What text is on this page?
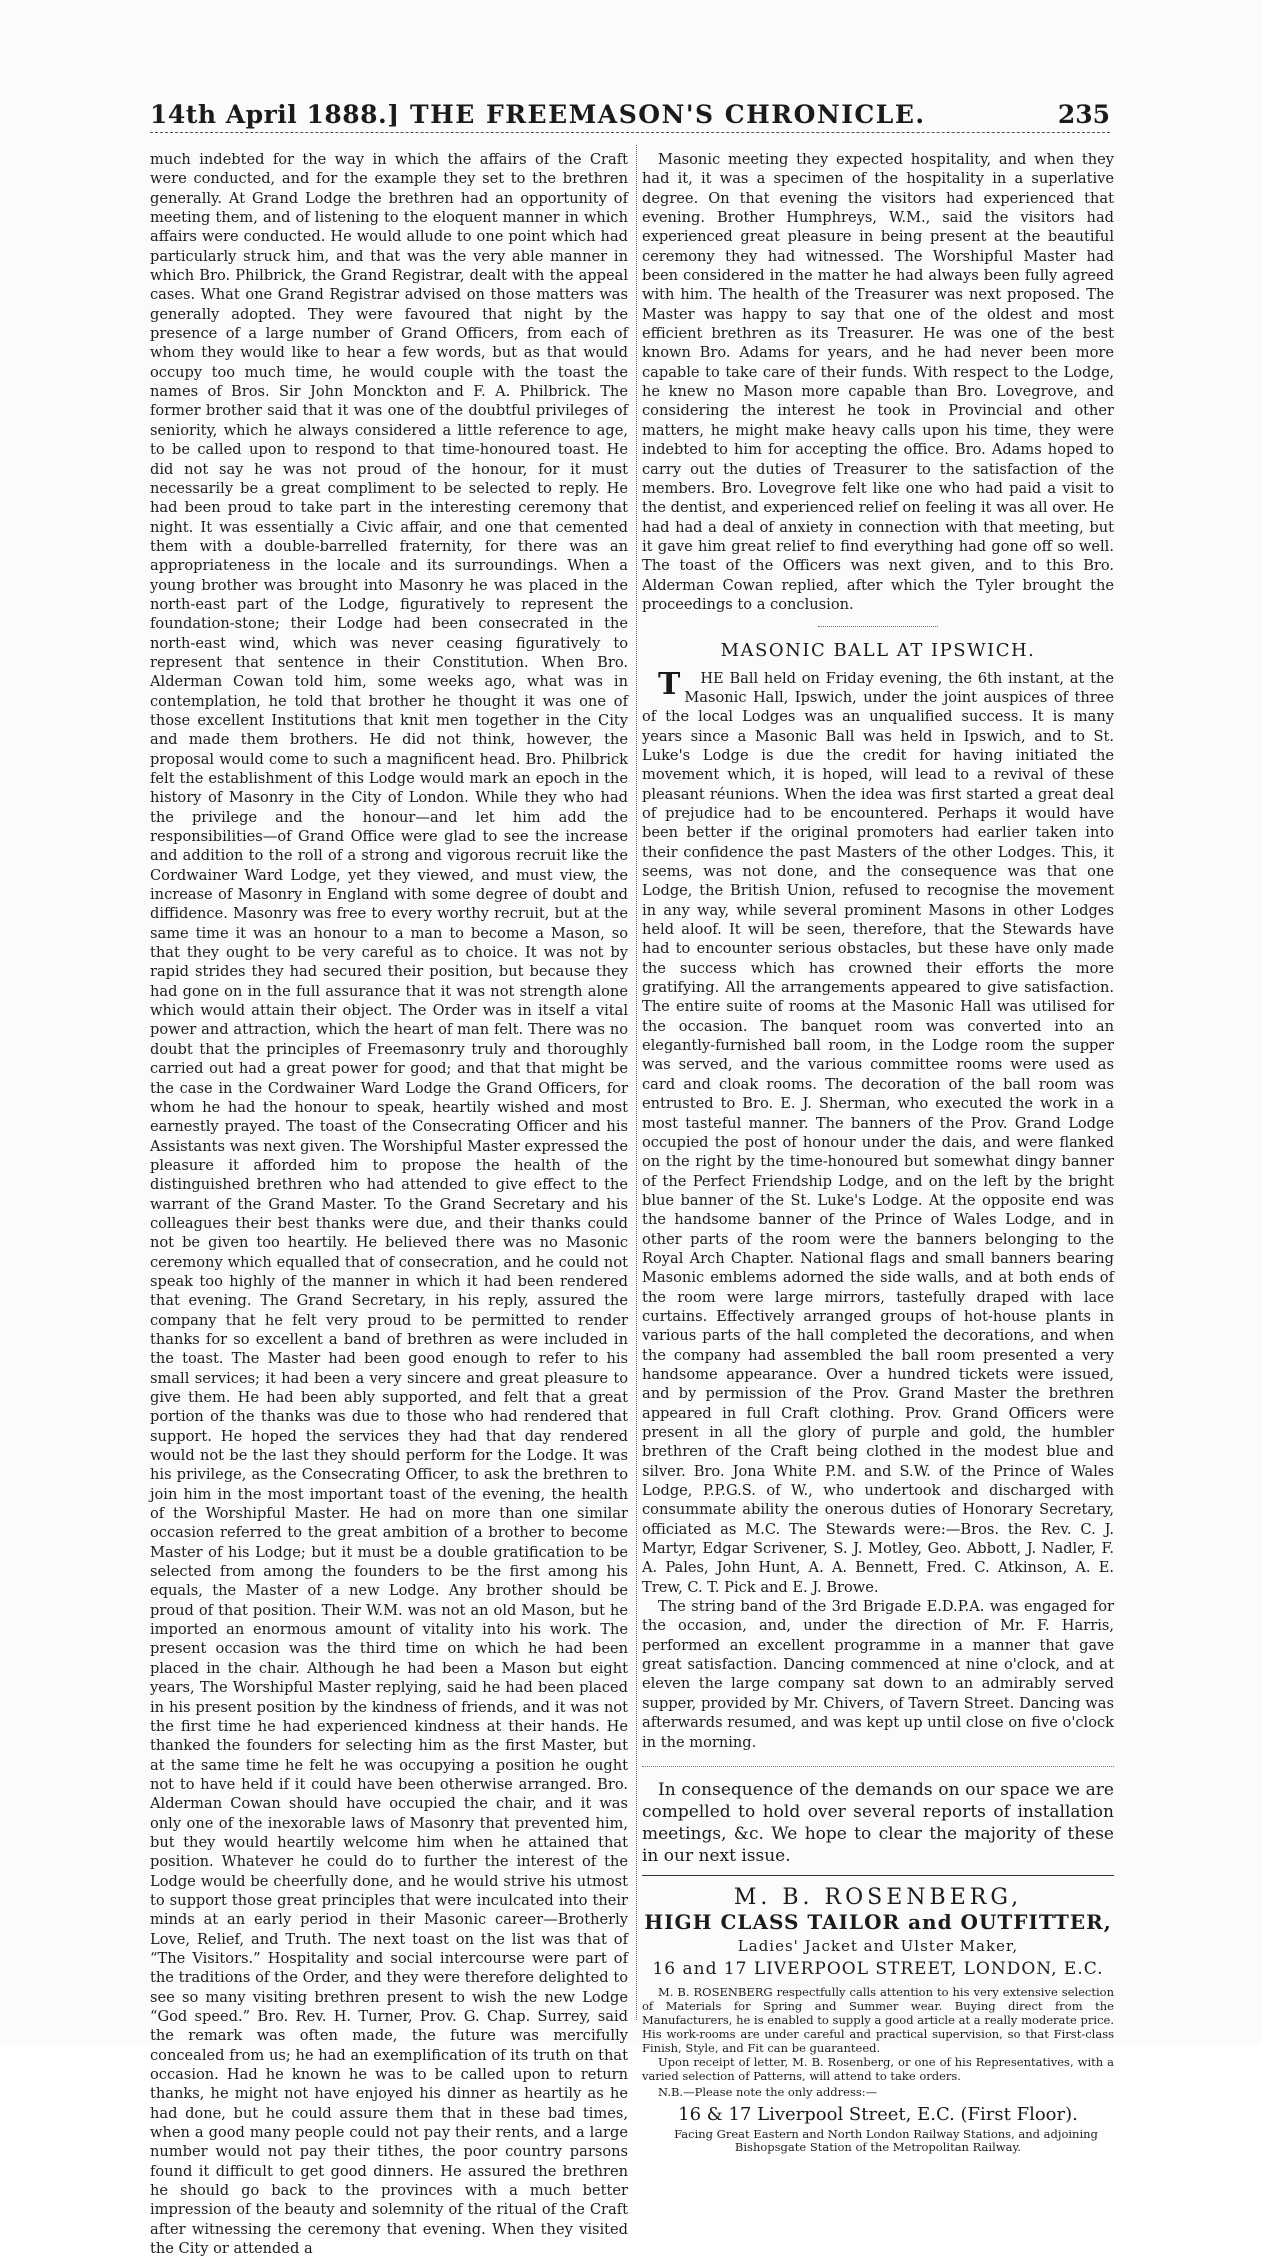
14th April 1888.] THE FREEMASON'S CHRONICLE.	235

much indebted for the way in which the affairs of the Craft were conducted, and for the example they set to the brethren generally. At Grand Lodge the brethren had an opportunity of meeting them, and of listening to the eloquent manner in which affairs were conducted. He would allude to one point which had particularly struck him, and that was the very able manner in which Bro. Philbrick, the Grand Registrar, dealt with the appeal cases. What one Grand Registrar advised on those matters was generally adopted. They were favoured that night by the presence of a large number of Grand Officers, from each of whom they would like to hear a few words, but as that would occupy too much time, he would couple with the toast the names of Bros. Sir John Monckton and F. A. Philbrick. The former brother said that it was one of the doubtful privileges of seniority, which he always considered a little reference to age, to be called upon to respond to that time-honoured toast. He did not say he was not proud of the honour, for it must necessarily be a great compliment to be selected to reply. He had been proud to take part in the interesting ceremony that night. It was essentially a Civic affair, and one that cemented them with a double-barrelled fraternity, for there was an appropriateness in the locale and its surroundings. When a young brother was brought into Masonry he was placed in the north-east part of the Lodge, figuratively to represent the foundation-stone; their Lodge had been consecrated in the north-east wind, which was never ceasing figuratively to represent that sentence in their Constitution. When Bro. Alderman Cowan told him, some weeks ago, what was in contemplation, he told that brother he thought it was one of those excellent Institutions that knit men together in the City and made them brothers. He did not think, however, the proposal would come to such a magnificent head. Bro. Philbrick felt the establishment of this Lodge would mark an epoch in the history of Masonry in the City of London. While they who had the privilege and the honour—and let him add the responsibilities—of Grand Office were glad to see the increase and addition to the roll of a strong and vigorous recruit like the Cordwainer Ward Lodge, yet they viewed, and must view, the increase of Masonry in England with some degree of doubt and diffidence. Masonry was free to every worthy recruit, but at the same time it was an honour to a man to become a Mason, so that they ought to be very careful as to choice. It was not by rapid strides they had secured their position, but because they had gone on in the full assurance that it was not strength alone which would attain their object. The Order was in itself a vital power and attraction, which the heart of man felt. There was no doubt that the principles of Freemasonry truly and thoroughly carried out had a great power for good; and that that might be the case in the Cordwainer Ward Lodge the Grand Officers, for whom he had the honour to speak, heartily wished and most earnestly prayed. The toast of the Consecrating Officer and his Assistants was next given. The Worshipful Master expressed the pleasure it afforded him to propose the health of the distinguished brethren who had attended to give effect to the warrant of the Grand Master. To the Grand Secretary and his colleagues their best thanks were due, and their thanks could not be given too heartily. He believed there was no Masonic ceremony which equalled that of consecration, and he could not speak too highly of the manner in which it had been rendered that evening. The Grand Secretary, in his reply, assured the company that he felt very proud to be permitted to render thanks for so excellent a band of brethren as were included in the toast. The Master had been good enough to refer to his small services; it had been a very sincere and great pleasure to give them. He had been ably supported, and felt that a great portion of the thanks was due to those who had rendered that support. He hoped the services they had that day rendered would not be the last they should perform for the Lodge. It was his privilege, as the Consecrating Officer, to ask the brethren to join him in the most important toast of the evening, the health of the Worshipful Master. He had on more than one similar occasion referred to the great ambition of a brother to become Master of his Lodge; but it must be a double gratification to be selected from among the founders to be the first among his equals, the Master of a new Lodge. Any brother should be proud of that position. Their W.M. was not an old Mason, but he imported an enormous amount of vitality into his work. The present occasion was the third time on which he had been placed in the chair. Although he had been a Mason but eight years, The Worshipful Master replying, said he had been placed in his present position by the kindness of friends, and it was not the first time he had experienced kindness at their hands. He thanked the founders for selecting him as the first Master, but at the same time he felt he was occupying a position he ought not to have held if it could have been otherwise arranged. Bro. Alderman Cowan should have occupied the chair, and it was only one of the inexorable laws of Masonry that prevented him, but they would heartily welcome him when he attained that position. Whatever he could do to further the interest of the Lodge would be cheerfully done, and he would strive his utmost to support those great principles that were inculcated into their minds at an early period in their Masonic career—Brotherly Love, Relief, and Truth. The next toast on the list was that of “The Visitors.” Hospitality and social intercourse were part of the traditions of the Order, and they were therefore delighted to see so many visiting brethren present to wish the new Lodge “God speed.” Bro. Rev. H. Turner, Prov. G. Chap. Surrey, said the remark was often made, the future was mercifully concealed from us; he had an exemplification of its truth on that occasion. Had he known he was to be called upon to return thanks, he might not have enjoyed his dinner as heartily as he had done, but he could assure them that in these bad times, when a good many people could not pay their rents, and a large number would not pay their tithes, the poor country parsons found it difficult to get good dinners. He assured the brethren he should go back to the provinces with a much better impression of the beauty and solemnity of the ritual of the Craft after witnessing the ceremony that evening. When they visited the City or attended a

Masonic meeting they expected hospitality, and when they had it, it was a specimen of the hospitality in a superlative degree. On that evening the visitors had experienced that evening. Brother Humphreys, W.M., said the visitors had experienced great pleasure in being present at the beautiful ceremony they had witnessed. The Worshipful Master had been considered in the matter he had always been fully agreed with him. The health of the Treasurer was next proposed. The Master was happy to say that one of the oldest and most efficient brethren as its Treasurer. He was one of the best known Bro. Adams for years, and he had never been more capable to take care of their funds. With respect to the Lodge, he knew no Mason more capable than Bro. Lovegrove, and considering the interest he took in Provincial and other matters, he might make heavy calls upon his time, they were indebted to him for accepting the office. Bro. Adams hoped to carry out the duties of Treasurer to the satisfaction of the members. Bro. Lovegrove felt like one who had paid a visit to the dentist, and experienced relief on feeling it was all over. He had had a deal of anxiety in connection with that meeting, but it gave him great relief to find everything had gone off so well. The toast of the Officers was next given, and to this Bro. Alderman Cowan replied, after which the Tyler brought the proceedings to a conclusion.

MASONIC BALL AT IPSWICH.

T HE Ball held on Friday evening, the 6th instant, at the Masonic Hall, Ipswich, under the joint auspices of three of the local Lodges was an unqualified success. It is many years since a Masonic Ball was held in Ipswich, and to St. Luke's Lodge is due the credit for having initiated the movement which, it is hoped, will lead to a revival of these pleasant réunions. When the idea was first started a great deal of prejudice had to be encountered. Perhaps it would have been better if the original promoters had earlier taken into their confidence the past Masters of the other Lodges. This, it seems, was not done, and the consequence was that one Lodge, the British Union, refused to recognise the movement in any way, while several prominent Masons in other Lodges held aloof. It will be seen, therefore, that the Stewards have had to encounter serious obstacles, but these have only made the success which has crowned their efforts the more gratifying. All the arrangements appeared to give satisfaction. The entire suite of rooms at the Masonic Hall was utilised for the occasion. The banquet room was converted into an elegantly-furnished ball room, in the Lodge room the supper was served, and the various committee rooms were used as card and cloak rooms. The decoration of the ball room was entrusted to Bro. E. J. Sherman, who executed the work in a most tasteful manner. The banners of the Prov. Grand Lodge occupied the post of honour under the dais, and were flanked on the right by the time-honoured but somewhat dingy banner of the Perfect Friendship Lodge, and on the left by the bright blue banner of the St. Luke's Lodge. At the opposite end was the handsome banner of the Prince of Wales Lodge, and in other parts of the room were the banners belonging to the Royal Arch Chapter. National flags and small banners bearing Masonic emblems adorned the side walls, and at both ends of the room were large mirrors, tastefully draped with lace curtains. Effectively arranged groups of hot-house plants in various parts of the hall completed the decorations, and when the company had assembled the ball room presented a very handsome appearance. Over a hundred tickets were issued, and by permission of the Prov. Grand Master the brethren appeared in full Craft clothing. Prov. Grand Officers were present in all the glory of purple and gold, the humbler brethren of the Craft being clothed in the modest blue and silver. Bro. Jona White P.M. and S.W. of the Prince of Wales Lodge, P.P.G.S. of W., who undertook and discharged with consummate ability the onerous duties of Honorary Secretary, officiated as M.C. The Stewards were:—Bros. the Rev. C. J. Martyr, Edgar Scrivener, S. J. Motley, Geo. Abbott, J. Nadler, F. A. Pales, John Hunt, A. A. Bennett, Fred. C. Atkinson, A. E. Trew, C. T. Pick and E. J. Browe.

The string band of the 3rd Brigade E.D.P.A. was engaged for the occasion, and, under the direction of Mr. F. Harris, performed an excellent programme in a manner that gave great satisfaction. Dancing commenced at nine o'clock, and at eleven the large company sat down to an admirably served supper, provided by Mr. Chivers, of Tavern Street. Dancing was afterwards resumed, and was kept up until close on five o'clock in the morning.

In consequence of the demands on our space we are compelled to hold over several reports of installation meetings, &c. We hope to clear the majority of these in our next issue.

M. B. ROSENBERG,
HIGH CLASS TAILOR and OUTFITTER,
Ladies' Jacket and Ulster Maker,
16 and 17 LIVERPOOL STREET, LONDON, E.C.

M. B. ROSENBERG respectfully calls attention to his very extensive selection of Materials for Spring and Summer wear. Buying direct from the Manufacturers, he is enabled to supply a good article at a really moderate price. His work-rooms are under careful and practical supervision, so that First-class Finish, Style, and Fit can be guaranteed.

Upon receipt of letter, M. B. Rosenberg, or one of his Representatives, with a varied selection of Patterns, will attend to take orders.

N.B.—Please note the only address:—

16 & 17 Liverpool Street, E.C. (First Floor).

Facing Great Eastern and North London Railway Stations, and adjoining Bishopsgate Station of the Metropolitan Railway.
